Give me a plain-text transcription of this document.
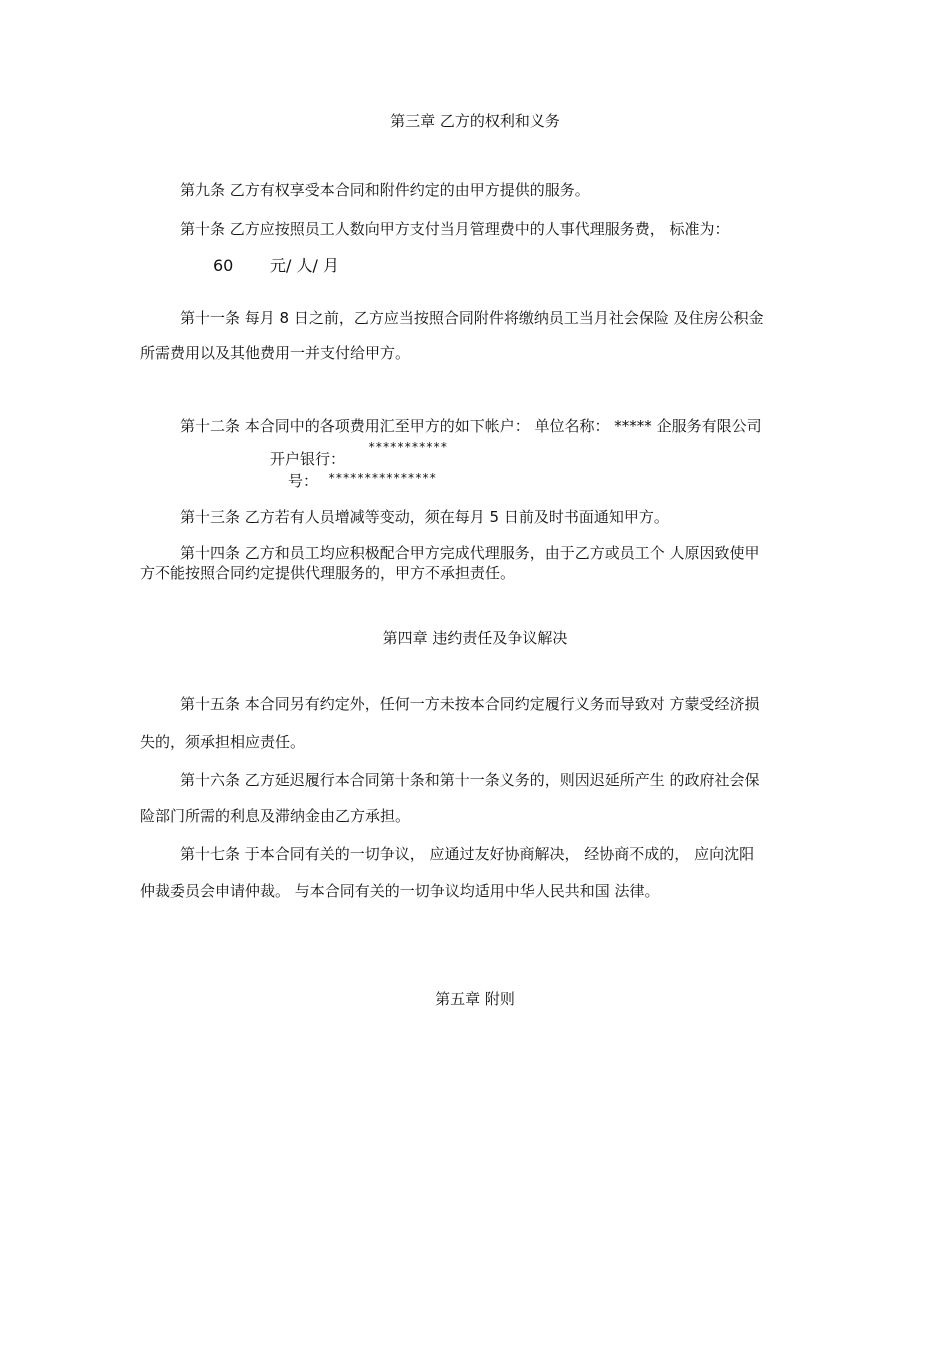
第三章 乙方的权利和义务
第九条 乙方有权享受本合同和附件约定的由甲方提供的服务。
第十条 乙方应按照员工人数向甲方支付当月管理费中的人事代理服务费， 标准为：
60 元/ 人/ 月
第十一条 每月 8 日之前，乙方应当按照合同附件将缴纳员工当月社会保险 及住房公积金
所需费用以及其他费用一并支付给甲方。
第十二条 本合同中的各项费用汇至甲方的如下帐户： 单位名称： ***** 企服务有限公司
***********
开户银行：
号： ***************
第十三条 乙方若有人员增减等变动，须在每月 5 日前及时书面通知甲方。
第十四条 乙方和员工均应积极配合甲方完成代理服务，由于乙方或员工个 人原因致使甲
方不能按照合同约定提供代理服务的，甲方不承担责任。
第四章 违约责任及争议解决
第十五条 本合同另有约定外，任何一方未按本合同约定履行义务而导致对 方蒙受经济损
失的，须承担相应责任。
第十六条 乙方延迟履行本合同第十条和第十一条义务的，则因迟延所产生 的政府社会保
险部门所需的利息及滞纳金由乙方承担。
第十七条 于本合同有关的一切争议， 应通过友好协商解决， 经协商不成的， 应向沈阳
仲裁委员会申请仲裁。 与本合同有关的一切争议均适用中华人民共和国 法律。
第五章 附则
